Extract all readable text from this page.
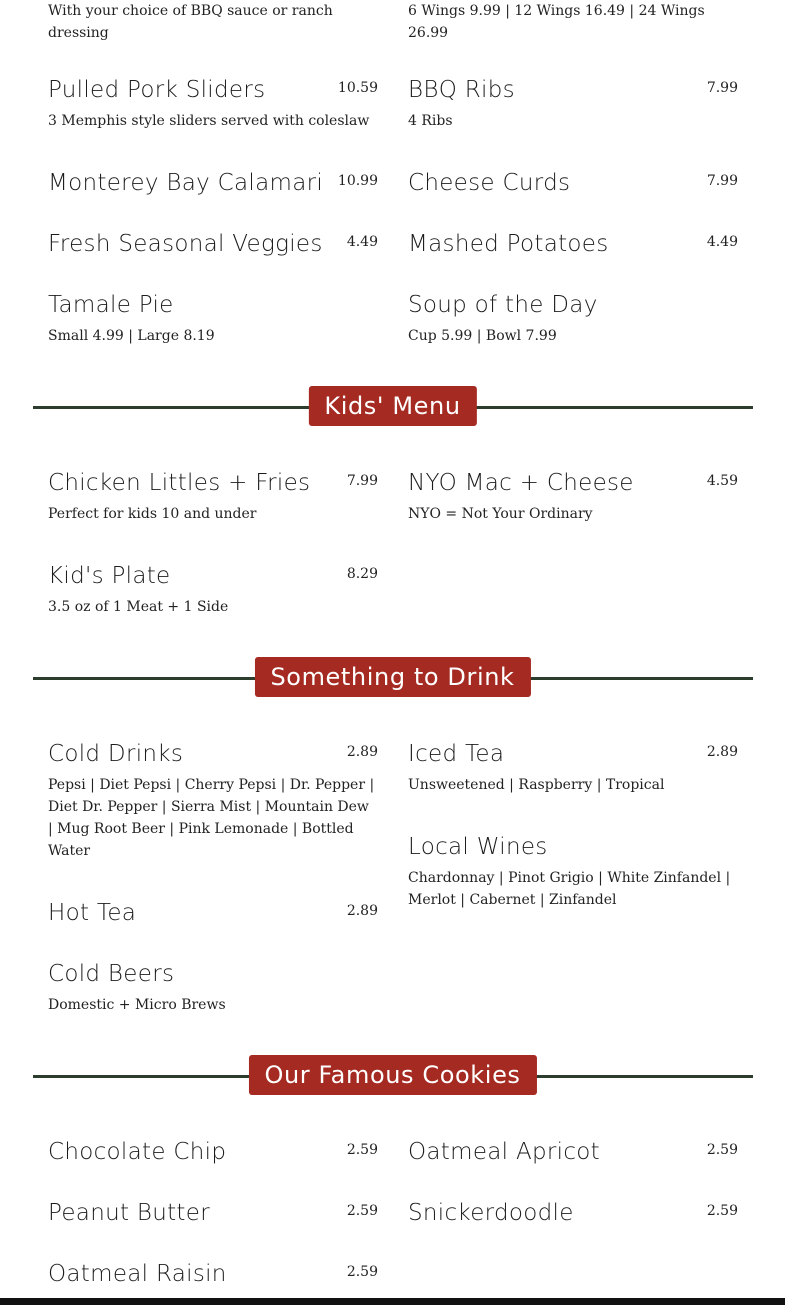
With your choice of BBQ sauce or ranch dressing
6 Wings 9.99 | 12 Wings 16.49 | 24 Wings 26.99
Pulled Pork Sliders	10.59
3 Memphis style sliders served with coleslaw
Monterey Bay Calamari 10.99
Fresh Seasonal Veggies 4.49
Tamale Pie
Small 4.99 | Large 8.19
BBQ Ribs	7.99
4 Ribs
Cheese Curds	7.99
Mashed Potatoes	4.49
Soup of the Day
Cup 5.99 | Bowl 7.99
Kids' Menu
Chicken Littles + Fries	7.99
Perfect for kids 10 and under
Kid's Plate	8.29
3.5 oz of 1 Meat + 1 Side
NYO Mac + Cheese	4.59
NYO = Not Your Ordinary
Something to Drink
Cold Drinks	2.89
Pepsi | Diet Pepsi | Cherry Pepsi | Dr. Pepper | Diet Dr. Pepper | Sierra Mist | Mountain Dew | Mug Root Beer | Pink Lemonade | Bottled Water
Hot Tea	2.89
Cold Beers
Domestic + Micro Brews
Iced Tea	2.89
Unsweetened | Raspberry | Tropical
Local Wines
Chardonnay | Pinot Grigio | White Zinfandel | Merlot | Cabernet | Zinfandel
Our Famous Cookies
Chocolate Chip	2.59
Peanut Butter	2.59
Oatmeal Raisin	2.59
Oatmeal Apricot	2.59
Snickerdoodle	2.59
